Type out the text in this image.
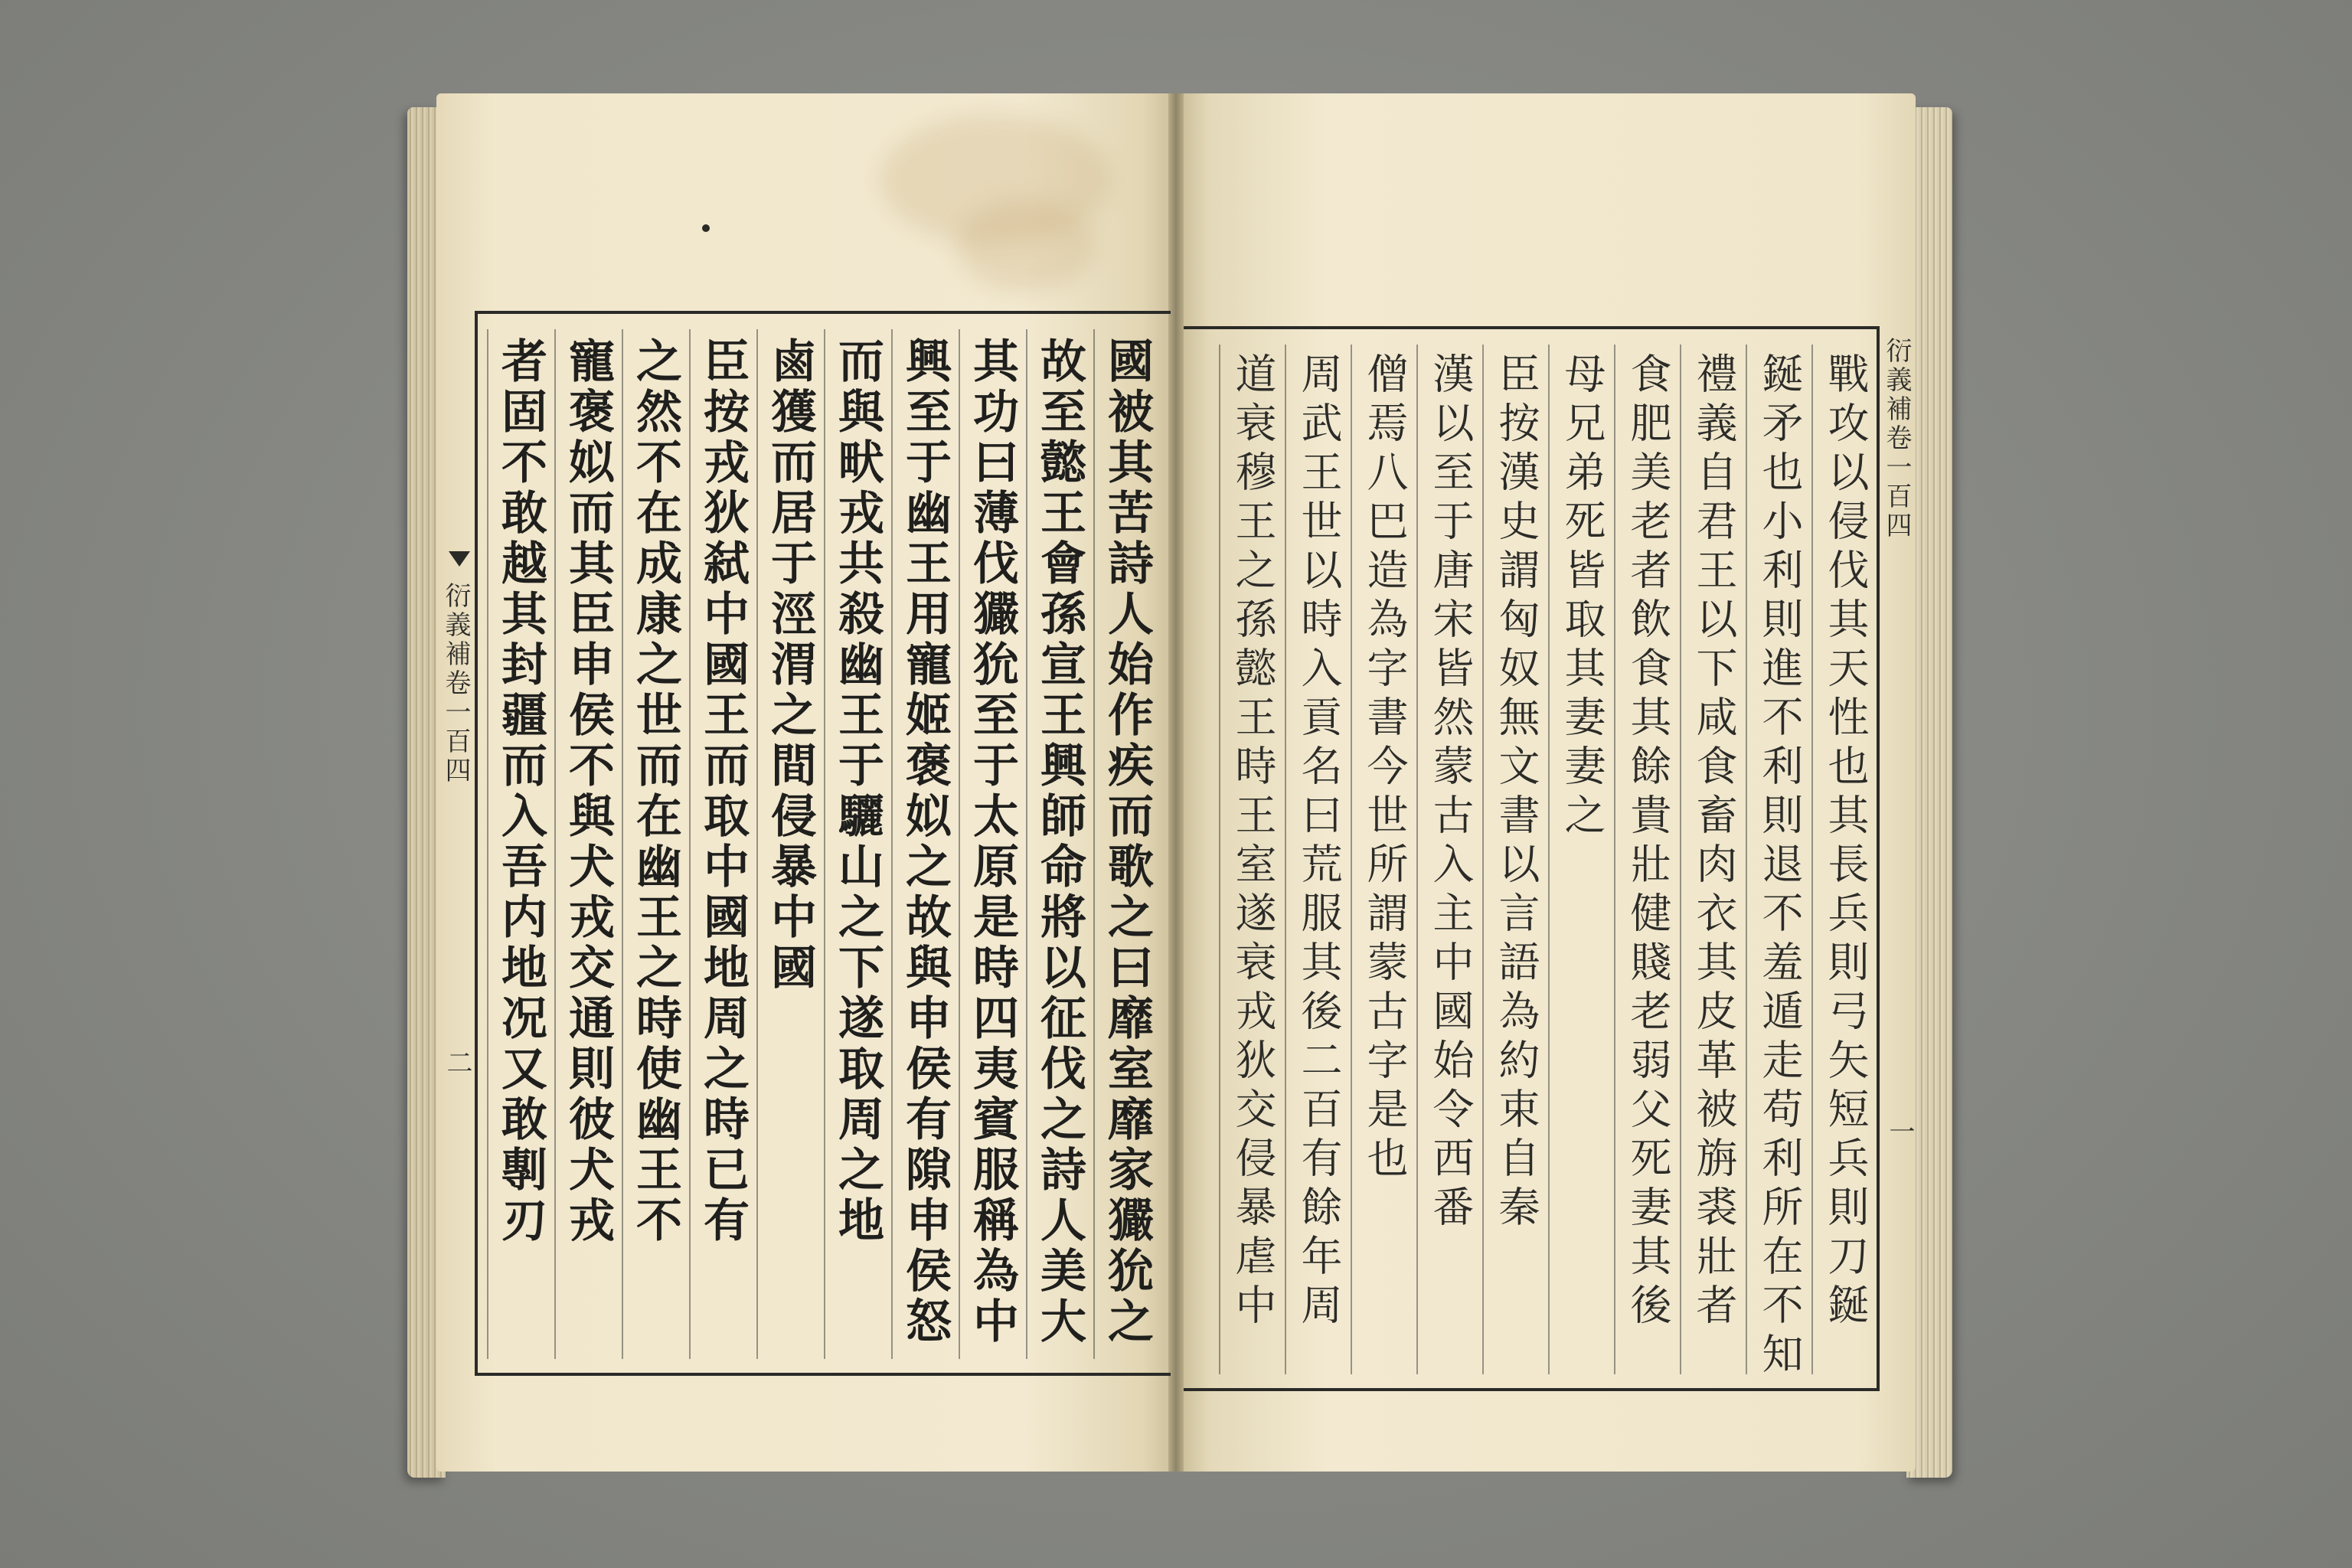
國被其苦詩人始作疾而歌之曰靡室靡家玁狁之
故至懿王會孫宣王興師命將以征伐之詩人美大
其功曰薄伐玁狁至于太原是時四夷賓服稱為中
興至于幽王用寵姬褒姒之故與申侯有隙申侯怒
而與畎戎共殺幽王于驪山之下遂取周之地
鹵獲而居于涇渭之間侵暴中國
臣按戎狄弑中國王而取中國地周之時已有
之然不在成康之世而在幽王之時使幽王不
寵褒姒而其臣申侯不與犬戎交通則彼犬戎
者固不敢越其封疆而入吾内地况又敢剸刃
衍義補卷一百四
二	戰攻以侵伐其天性也其長兵則弓矢短兵則刀鋋
鋋矛也小利則進不利則退不羞遁走苟利所在不知
禮義自君王以下咸食畜肉衣其皮革被旃裘壯者
食肥美老者飲食其餘貴壯健賤老弱父死妻其後
母兄弟死皆取其妻妻之
臣按漢史謂匈奴無文書以言語為約束自秦
漢以至于唐宋皆然蒙古入主中國始令西番
僧焉八巴造為字書今世所謂蒙古字是也
周武王世以時入貢名曰荒服其後二百有餘年周
道衰穆王之孫懿王時王室遂衰戎狄交侵暴虐中	衍義補卷一百四
一
